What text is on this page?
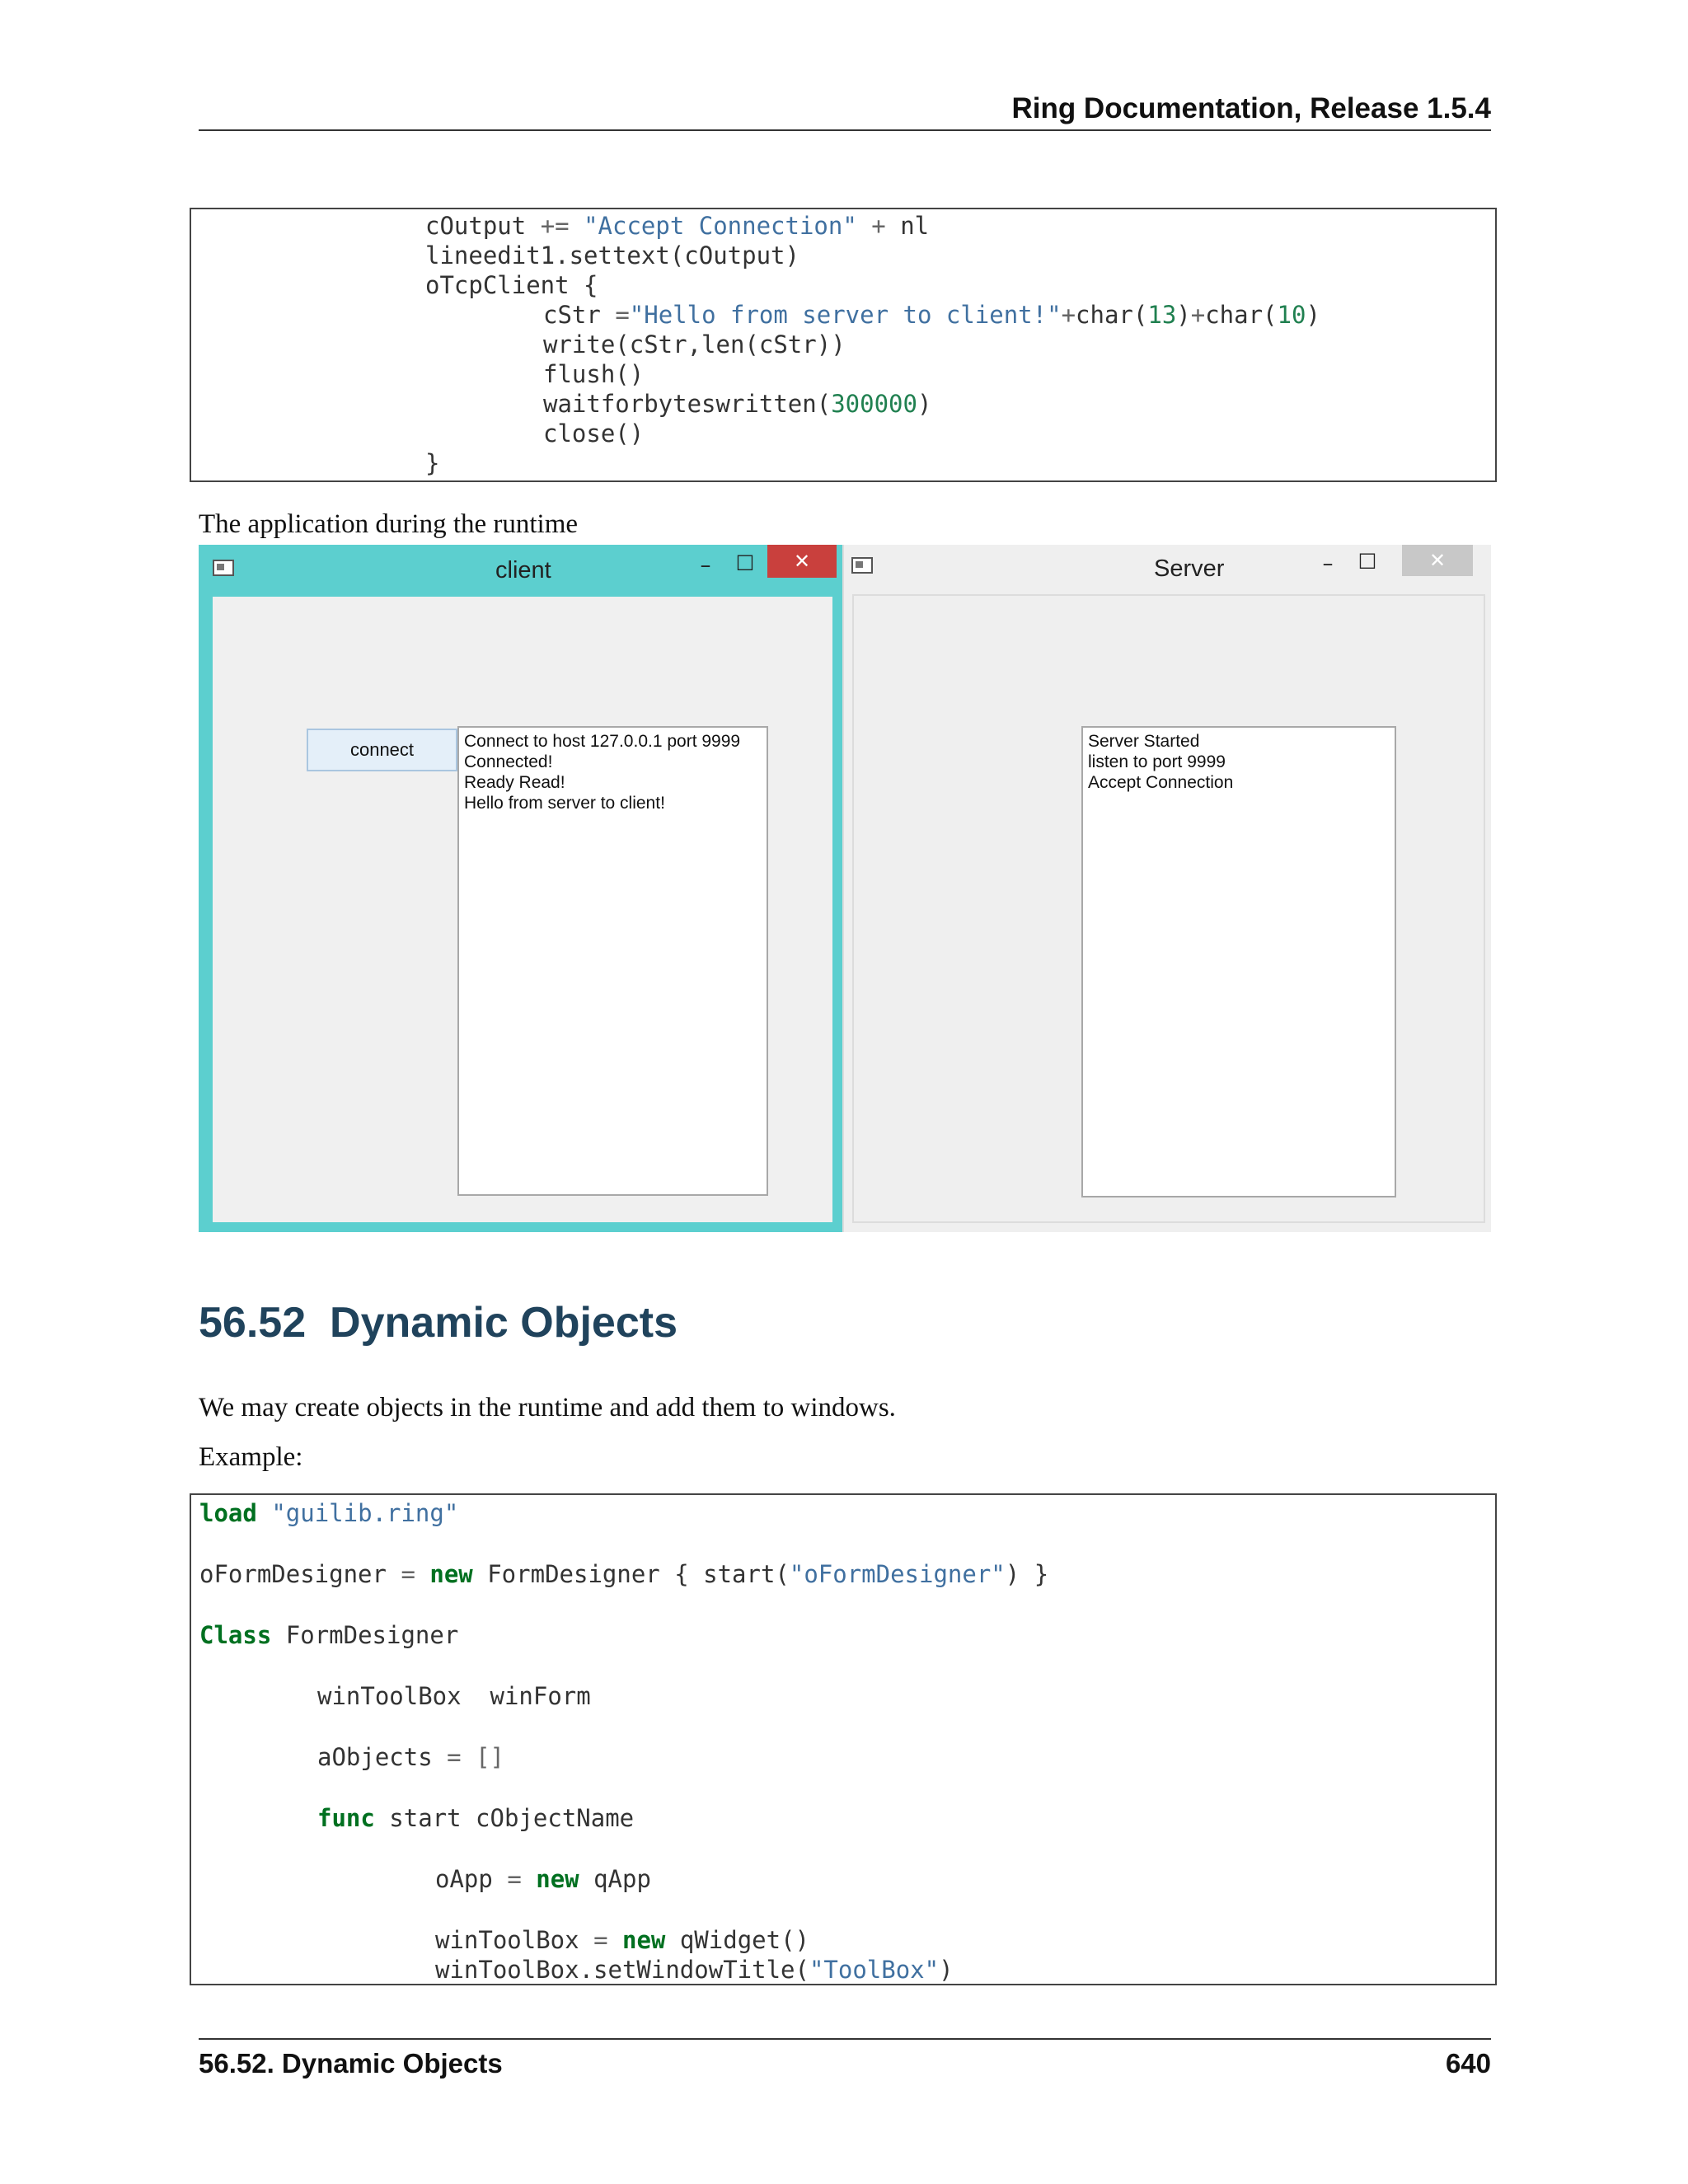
Ring Documentation, Release 1.5.4
cOutput += "Accept Connection" + nl
lineedit1.settext(cOutput)
oTcpClient {
cStr ="Hello from server to client!"+char(13)+char(10)
write(cStr,len(cStr))
flush()
waitforbyteswritten(300000)
close()
}
The application during the runtime
client	–	□	✕
connect	Connect to host 127.0.0.1 port 9999
Connected!
Ready Read!
Hello from server to client!
Server	–	□	✕
Server Started
listen to port 9999
Accept Connection
56.52 Dynamic Objects
We may create objects in the runtime and add them to windows.
Example:
load "guilib.ring"
oFormDesigner = new FormDesigner { start("oFormDesigner") }
Class FormDesigner
winToolBox  winForm
aObjects = []
func start cObjectName
oApp = new qApp
winToolBox = new qWidget()
winToolBox.setWindowTitle("ToolBox")
56.52. Dynamic Objects	640
